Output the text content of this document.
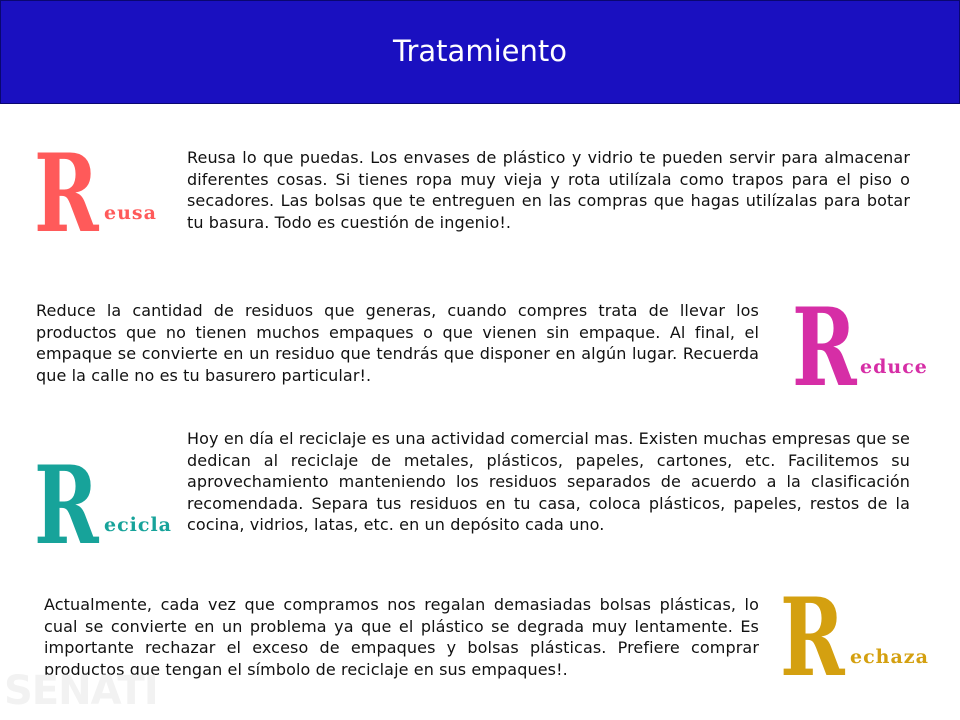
Tratamiento
R eusa
Reusa lo que puedas. Los envases de plástico y vidrio te pueden servir para almacenar diferentes cosas. Si tienes ropa muy vieja y rota utilízala como trapos para el piso o secadores. Las bolsas que te entreguen en las compras que hagas utilízalas para botar tu basura. Todo es cuestión de ingenio!.
R educe
Reduce la cantidad de residuos que generas, cuando compres trata de llevar los productos que no tienen muchos empaques o que vienen sin empaque. Al final, el empaque se convierte en un residuo que tendrás que disponer en algún lugar. Recuerda que la calle no es tu basurero particular!.
R ecicla
Hoy en día el reciclaje es una actividad comercial mas. Existen muchas empresas que se dedican al reciclaje de metales, plásticos, papeles, cartones, etc. Facilitemos su aprovechamiento manteniendo los residuos separados de acuerdo a la clasificación recomendada. Separa tus residuos en tu casa, coloca plásticos, papeles, restos de la cocina, vidrios, latas, etc. en un depósito cada uno.
R echaza
Actualmente, cada vez que compramos nos regalan demasiadas bolsas plásticas, lo cual se convierte en un problema ya que el plástico se degrada muy lentamente. Es importante rechazar el exceso de empaques y bolsas plásticas. Prefiere comprar productos que tengan el símbolo de reciclaje en sus empaques!.
SENATI
